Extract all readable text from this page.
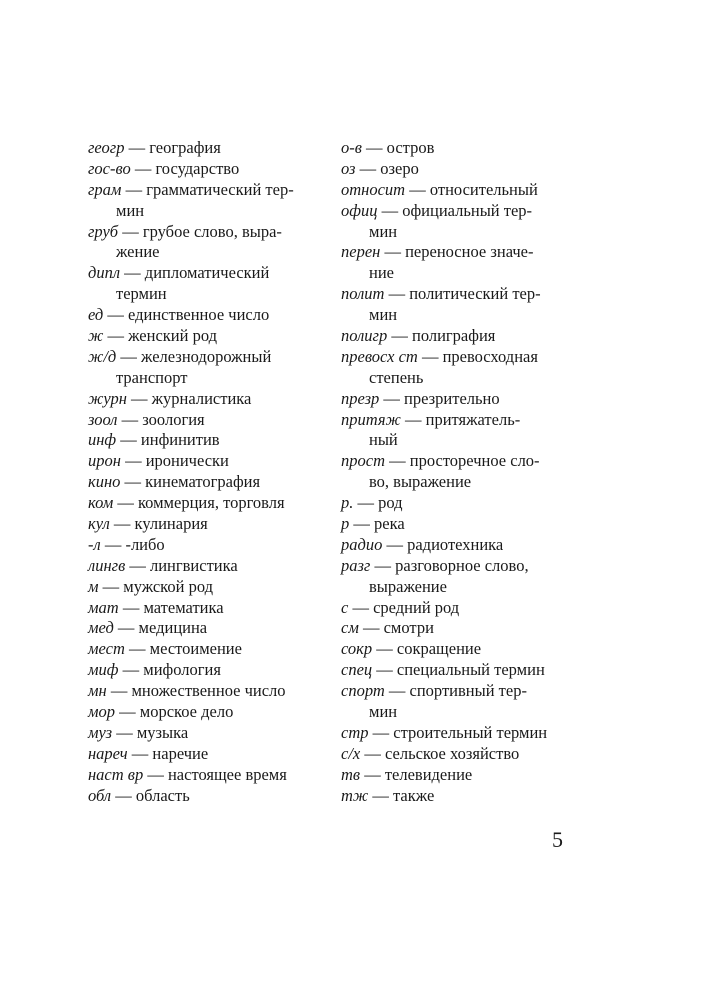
геогр — география
гос-во — государство
грам — грамматический тер-
мин
груб — грубое слово, выра-
жение
дипл — дипломатический
термин
ед — единственное число
ж — женский род
ж/д — железнодорожный
транспорт
журн — журналистика
зоол — зоология
инф — инфинитив
ирон — иронически
кино — кинематография
ком — коммерция, торговля
кул — кулинария
-л — -либо
лингв — лингвистика
м — мужской род
мат — математика
мед — медицина
мест — местоимение
миф — мифология
мн — множественное число
мор — морское дело
муз — музыка
нареч — наречие
наст вр — настоящее время
обл — область
о-в — остров
оз — озеро
относит — относительный
офиц — официальный тер-
мин
перен — переносное значе-
ние
полит — политический тер-
мин
полигр — полиграфия
превосх ст — превосходная
степень
презр — презрительно
притяж — притяжатель-
ный
прост — просторечное сло-
во, выражение
р. — род
р — река
радио — радиотехника
разг — разговорное слово,
выражение
с — средний род
см — смотри
сокр — сокращение
спец — специальный термин
спорт — спортивный тер-
мин
стр — строительный термин
с/х — сельское хозяйство
тв — телевидение
тж — также
5
